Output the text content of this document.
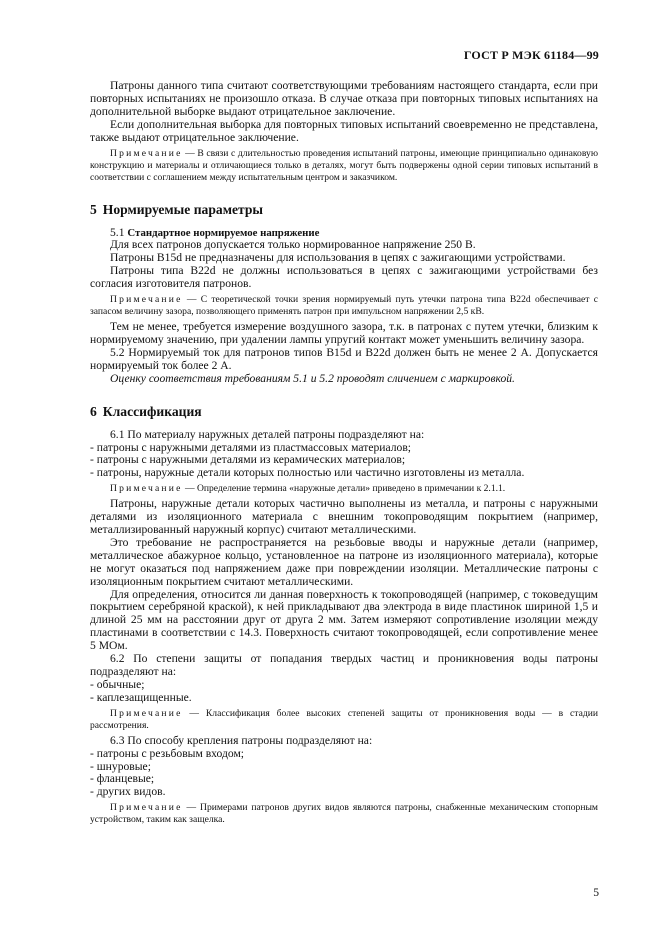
ГОСТ Р МЭК 61184—99

Патроны данного типа считают соответствующими требованиям настоящего стандарта, если при повторных испытаниях не произошло отказа. В случае отказа при повторных типовых испытаниях на дополнительной выборке выдают отрицательное заключение.

Если дополнительная выборка для повторных типовых испытаний своевременно не представлена, также выдают отрицательное заключение.

Примечание — В связи с длительностью проведения испытаний патроны, имеющие принципиально одинаковую конструкцию и материалы и отличающиеся только в деталях, могут быть подвержены одной серии типовых испытаний в соответствии с соглашением между испытательным центром и заказчиком.

5 Нормируемые параметры

5.1 Стандартное нормируемое напряжение

Для всех патронов допускается только нормированное напряжение 250 В.

Патроны B15d не предназначены для использования в цепях с зажигающими устройствами.

Патроны типа B22d не должны использоваться в цепях с зажигающими устройствами без согласия изготовителя патронов.

Примечание — С теоретической точки зрения нормируемый путь утечки патрона типа B22d обеспечивает с запасом величину зазора, позволяющего применять патрон при импульсном напряжении 2,5 кВ.

Тем не менее, требуется измерение воздушного зазора, т.к. в патронах с путем утечки, близким к нормируемому значению, при удалении лампы упругий контакт может уменьшить величину зазора.

5.2 Нормируемый ток для патронов типов B15d и B22d должен быть не менее 2 А. Допускается нормируемый ток более 2 А.

Оценку соответствия требованиям 5.1 и 5.2 проводят сличением с маркировкой.

6 Классификация

6.1 По материалу наружных деталей патроны подразделяют на:

- патроны с наружными деталями из пластмассовых материалов;

- патроны с наружными деталями из керамических материалов;

- патроны, наружные детали которых полностью или частично изготовлены из металла.

Примечание — Определение термина «наружные детали» приведено в примечании к 2.1.1.

Патроны, наружные детали которых частично выполнены из металла, и патроны с наружными деталями из изоляционного материала с внешним токопроводящим покрытием (например, металлизированный наружный корпус) считают металлическими.

Это требование не распространяется на резьбовые вводы и наружные детали (например, металлическое абажурное кольцо, установленное на патроне из изоляционного материала), которые не могут оказаться под напряжением даже при повреждении изоляции. Металлические патроны с изоляционным покрытием считают металлическими.

Для определения, относится ли данная поверхность к токопроводящей (например, с токоведущим покрытием серебряной краской), к ней прикладывают два электрода в виде пластинок шириной 1,5 и длиной 25 мм на расстоянии друг от друга 2 мм. Затем измеряют сопротивление изоляции между пластинами в соответствии с 14.3. Поверхность считают токопроводящей, если сопротивление менее 5 МОм.

6.2 По степени защиты от попадания твердых частиц и проникновения воды патроны подразделяют на:

- обычные;

- каплезащищенные.

Примечание — Классификация более высоких степеней защиты от проникновения воды — в стадии рассмотрения.

6.3 По способу крепления патроны подразделяют на:

- патроны с резьбовым входом;

- шнуровые;

- фланцевые;

- других видов.

Примечание — Примерами патронов других видов являются патроны, снабженные механическим стопорным устройством, таким как защелка.

5
